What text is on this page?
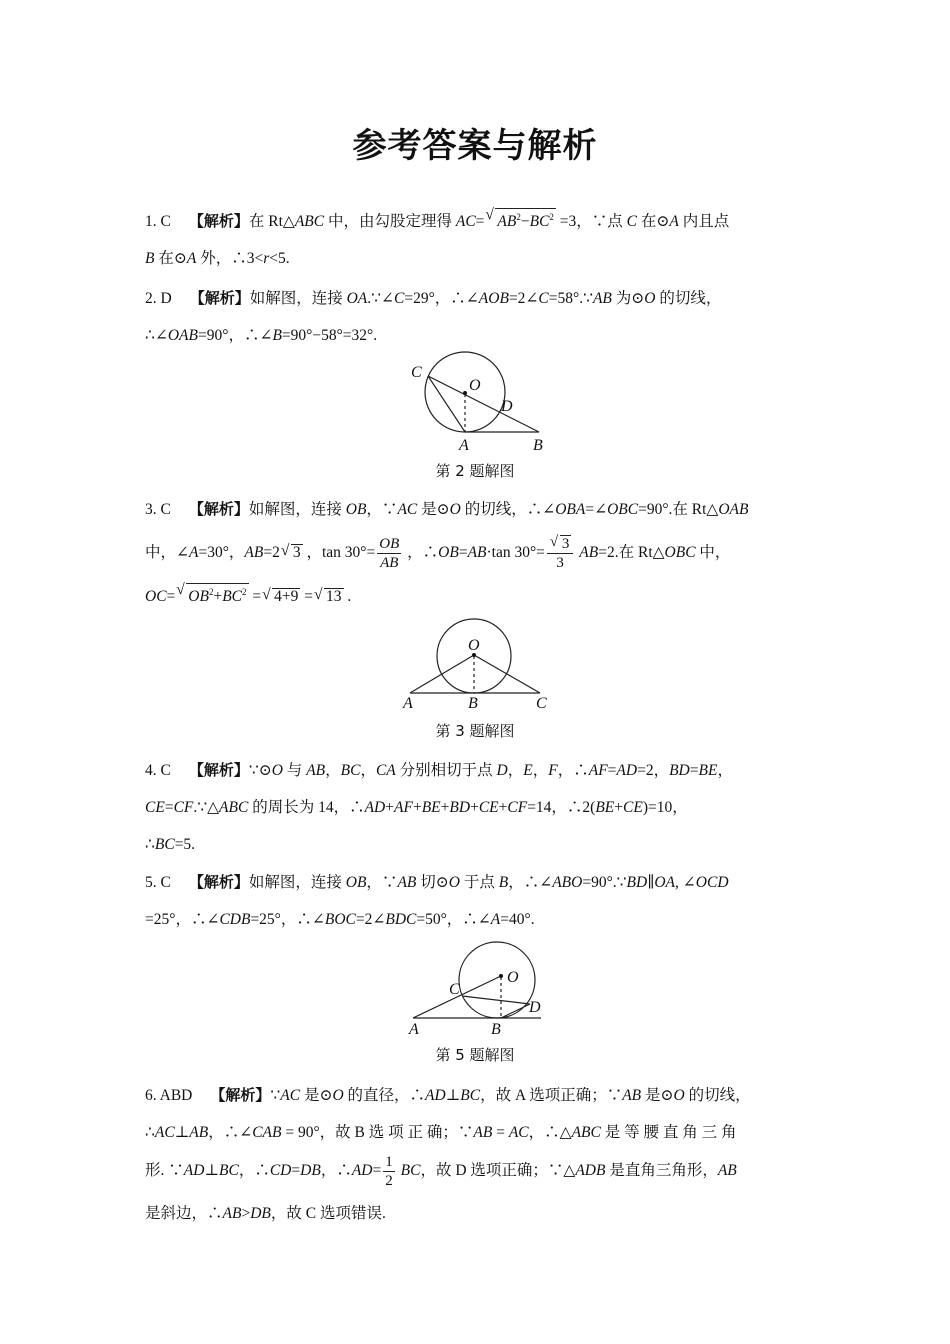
参考答案与解析
1. C 【解析】在 Rt△ABC 中，由勾股定理得 AC= √ $AB^2-BC^2 =3$，∵点 C 在⊙A 内且点
B 在⊙A 外，∴3<r<5.
2. D 【解析】如解图，连接 OA.∵∠C=29°，∴∠AOB=2∠C=58°.∵AB 为⊙O 的切线，
∴∠OAB=90°，∴∠B=90°−58°=32°.
C
O
D
A	B
第 2 题解图
3. C 【解析】如解图，连接 OB，∵AC 是⊙O 的切线，∴∠OBA=∠OBC=90°.在 Rt△OAB
中，∠A=30°，AB=2 √ 3 ，$\tan 30^\circ= \frac{OB}{AB}$ ，∴OB=AB·tan 30°= √ $\frac{3}{3} AB=2$.在 Rt△OBC 中，
OC= √ $OB^2+BC^2$ = √ 4+9 = √ 13 .
O
A	B	C
第 3 题解图
4. C 【解析】∵⊙O 与 AB，BC，CA 分别相切于点 D，E，F，∴AF=AD=2，BD=BE，
CE=CF.∵△ABC 的周长为 14，∴AD+AF+BE+BD+CE+CF=14，∴2(BE+CE)=10，
∴BC=5.
5. C 【解析】如解图，连接 OB，∵AB 切⊙O 于点 B，∴∠ABO=90°.∵BD∥OA, ∠OCD
=25°，∴∠CDB=25°，∴∠BOC=2∠BDC=50°，∴∠A=40°.
O
C
D
A	B
第 5 题解图
6. ABD 【解析】∵AC 是⊙O 的直径，∴AD⊥BC，故 A 选项正确；∵AB 是⊙O 的切线，
∴AC⊥AB，∴∠CAB = 90°，故 B 选 项 正 确；∵AB = AC，∴△ABC 是 等 腰 直 角 三 角
形. ∵AD⊥BC，∴CD=DB，∴AD= $\frac{1}{2}$ BC，故 D 选项正确；∵△ADB 是直角三角形，AB
是斜边，∴AB>DB，故 C 选项错误.
